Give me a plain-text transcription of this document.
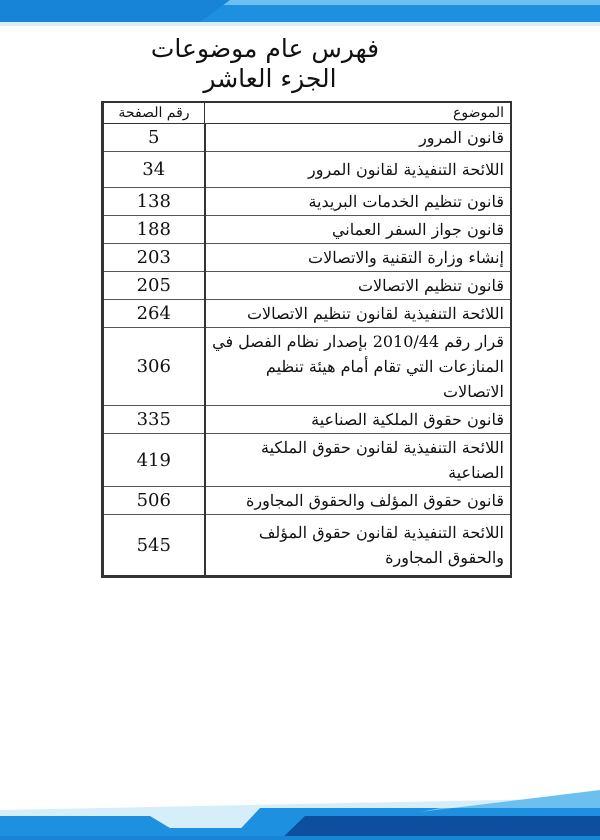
فهرس عام موضوعات
الجزء العاشر
الموضوع	رقم الصفحة
قانون المرور	5
اللائحة التنفيذية لقانون المرور	34
قانون تنظيم الخدمات البريدية	138
قانون جواز السفر العماني	188
إنشاء وزارة التقنية والاتصالات	203
قانون تنظيم الاتصالات	205
اللائحة التنفيذية لقانون تنظيم الاتصالات	264
قرار رقم 2010/44 بإصدار نظام الفصل في المنازعات التي تقام أمام هيئة تنظيم الاتصالات	306
قانون حقوق الملكية الصناعية	335
اللائحة التنفيذية لقانون حقوق الملكية الصناعية	419
قانون حقوق المؤلف والحقوق المجاورة	506
اللائحة التنفيذية لقانون حقوق المؤلف والحقوق المجاورة	545
